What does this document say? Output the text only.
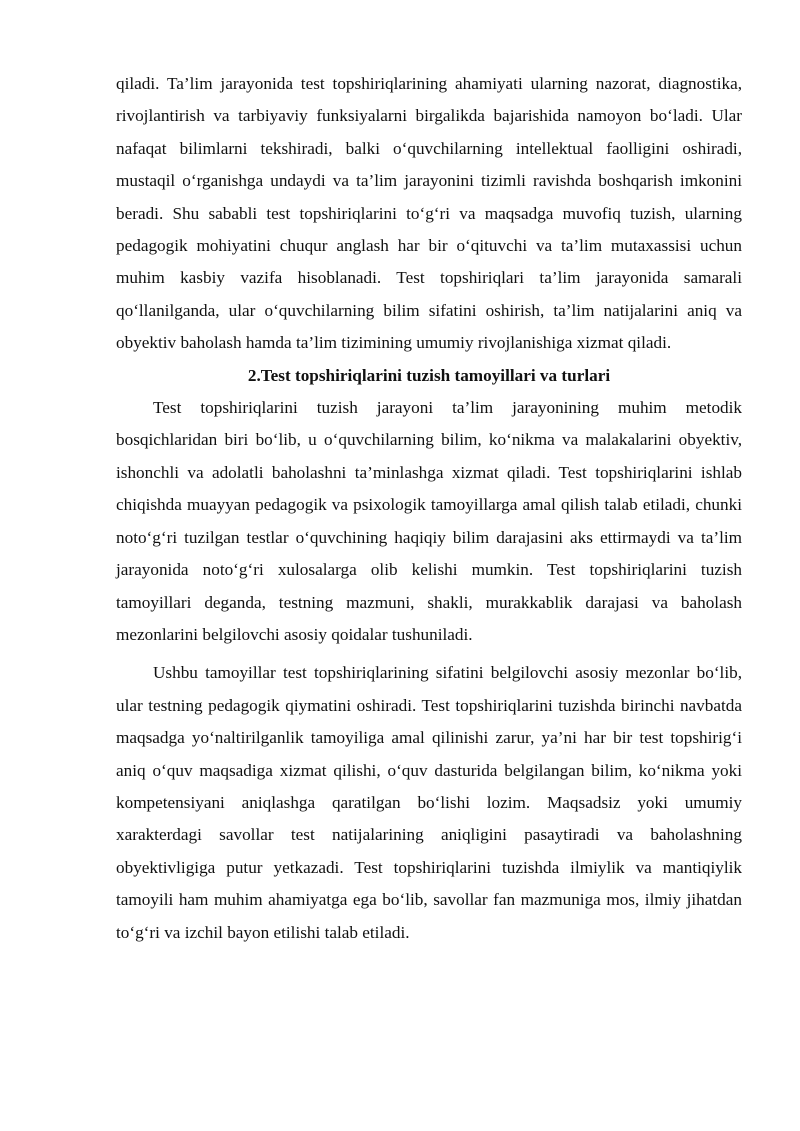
qiladi. Ta’lim jarayonida test topshiriqlarining ahamiyati ularning nazorat, diagnostika, rivojlantirish va tarbiyaviy funksiyalarni birgalikda bajarishida namoyon bo‘ladi. Ular nafaqat bilimlarni tekshiradi, balki o‘quvchilarning intellektual faolligini oshiradi, mustaqil o‘rganishga undaydi va ta’lim jarayonini tizimli ravishda boshqarish imkonini beradi. Shu sababli test topshiriqlarini to‘g‘ri va maqsadga muvofiq tuzish, ularning pedagogik mohiyatini chuqur anglash har bir o‘qituvchi va ta’lim mutaxassisi uchun muhim kasbiy vazifa hisoblanadi. Test topshiriqlari ta’lim jarayonida samarali qo‘llanilganda, ular o‘quvchilarning bilim sifatini oshirish, ta’lim natijalarini aniq va obyektiv baholash hamda ta’lim tizimining umumiy rivojlanishiga xizmat qiladi.

2.Test topshiriqlarini tuzish tamoyillari va turlari

Test topshiriqlarini tuzish jarayoni ta’lim jarayonining muhim metodik bosqichlaridan biri bo‘lib, u o‘quvchilarning bilim, ko‘nikma va malakalarini obyektiv, ishonchli va adolatli baholashni ta’minlashga xizmat qiladi. Test topshiriqlarini ishlab chiqishda muayyan pedagogik va psixologik tamoyillarga amal qilish talab etiladi, chunki noto‘g‘ri tuzilgan testlar o‘quvchining haqiqiy bilim darajasini aks ettirmaydi va ta’lim jarayonida noto‘g‘ri xulosalarga olib kelishi mumkin. Test topshiriqlarini tuzish tamoyillari deganda, testning mazmuni, shakli, murakkablik darajasi va baholash mezonlarini belgilovchi asosiy qoidalar tushuniladi.

Ushbu tamoyillar test topshiriqlarining sifatini belgilovchi asosiy mezonlar bo‘lib, ular testning pedagogik qiymatini oshiradi. Test topshiriqlarini tuzishda birinchi navbatda maqsadga yo‘naltirilganlik tamoyiliga amal qilinishi zarur, ya’ni har bir test topshirig‘i aniq o‘quv maqsadiga xizmat qilishi, o‘quv dasturida belgilangan bilim, ko‘nikma yoki kompetensiyani aniqlashga qaratilgan bo‘lishi lozim. Maqsadsiz yoki umumiy xarakterdagi savollar test natijalarining aniqligini pasaytiradi va baholashning obyektivligiga putur yetkazadi. Test topshiriqlarini tuzishda ilmiylik va mantiqiylik tamoyili ham muhim ahamiyatga ega bo‘lib, savollar fan mazmuniga mos, ilmiy jihatdan to‘g‘ri va izchil bayon etilishi talab etiladi.
